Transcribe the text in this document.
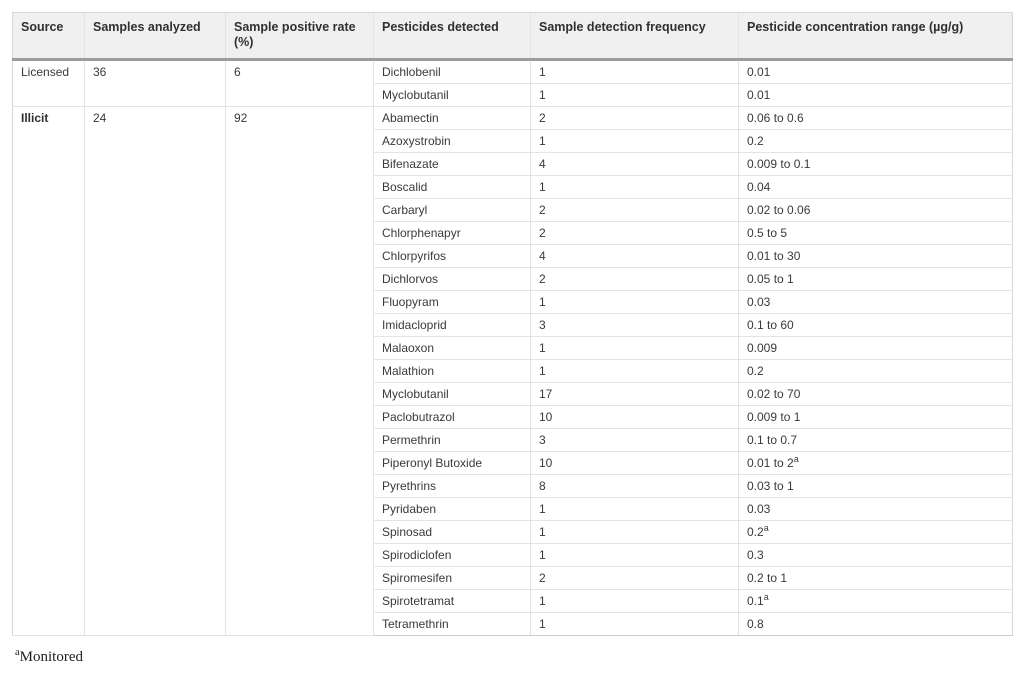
Source	Samples analyzed	Sample positive rate (%)	Pesticides detected	Sample detection frequency	Pesticide concentration range (µg/g)
Licensed	36	6	Dichlobenil	1	0.01
			Myclobutanil	1	0.01
Illicit	24	92	Abamectin	2	0.06 to 0.6
			Azoxystrobin	1	0.2
			Bifenazate	4	0.009 to 0.1
			Boscalid	1	0.04
			Carbaryl	2	0.02 to 0.06
			Chlorphenapyr	2	0.5 to 5
			Chlorpyrifos	4	0.01 to 30
			Dichlorvos	2	0.05 to 1
			Fluopyram	1	0.03
			Imidacloprid	3	0.1 to 60
			Malaoxon	1	0.009
			Malathion	1	0.2
			Myclobutanil	17	0.02 to 70
			Paclobutrazol	10	0.009 to 1
			Permethrin	3	0.1 to 0.7
			Piperonyl Butoxide	10	0.01 to 2$^a$
			Pyrethrins	8	0.03 to 1
			Pyridaben	1	0.03
			Spinosad	1	0.2$^a$
			Spirodiclofen	1	0.3
			Spiromesifen	2	0.2 to 1
			Spirotetramat	1	0.1$^a$
			Tetramethrin	1	0.8
$^a$Monitored
